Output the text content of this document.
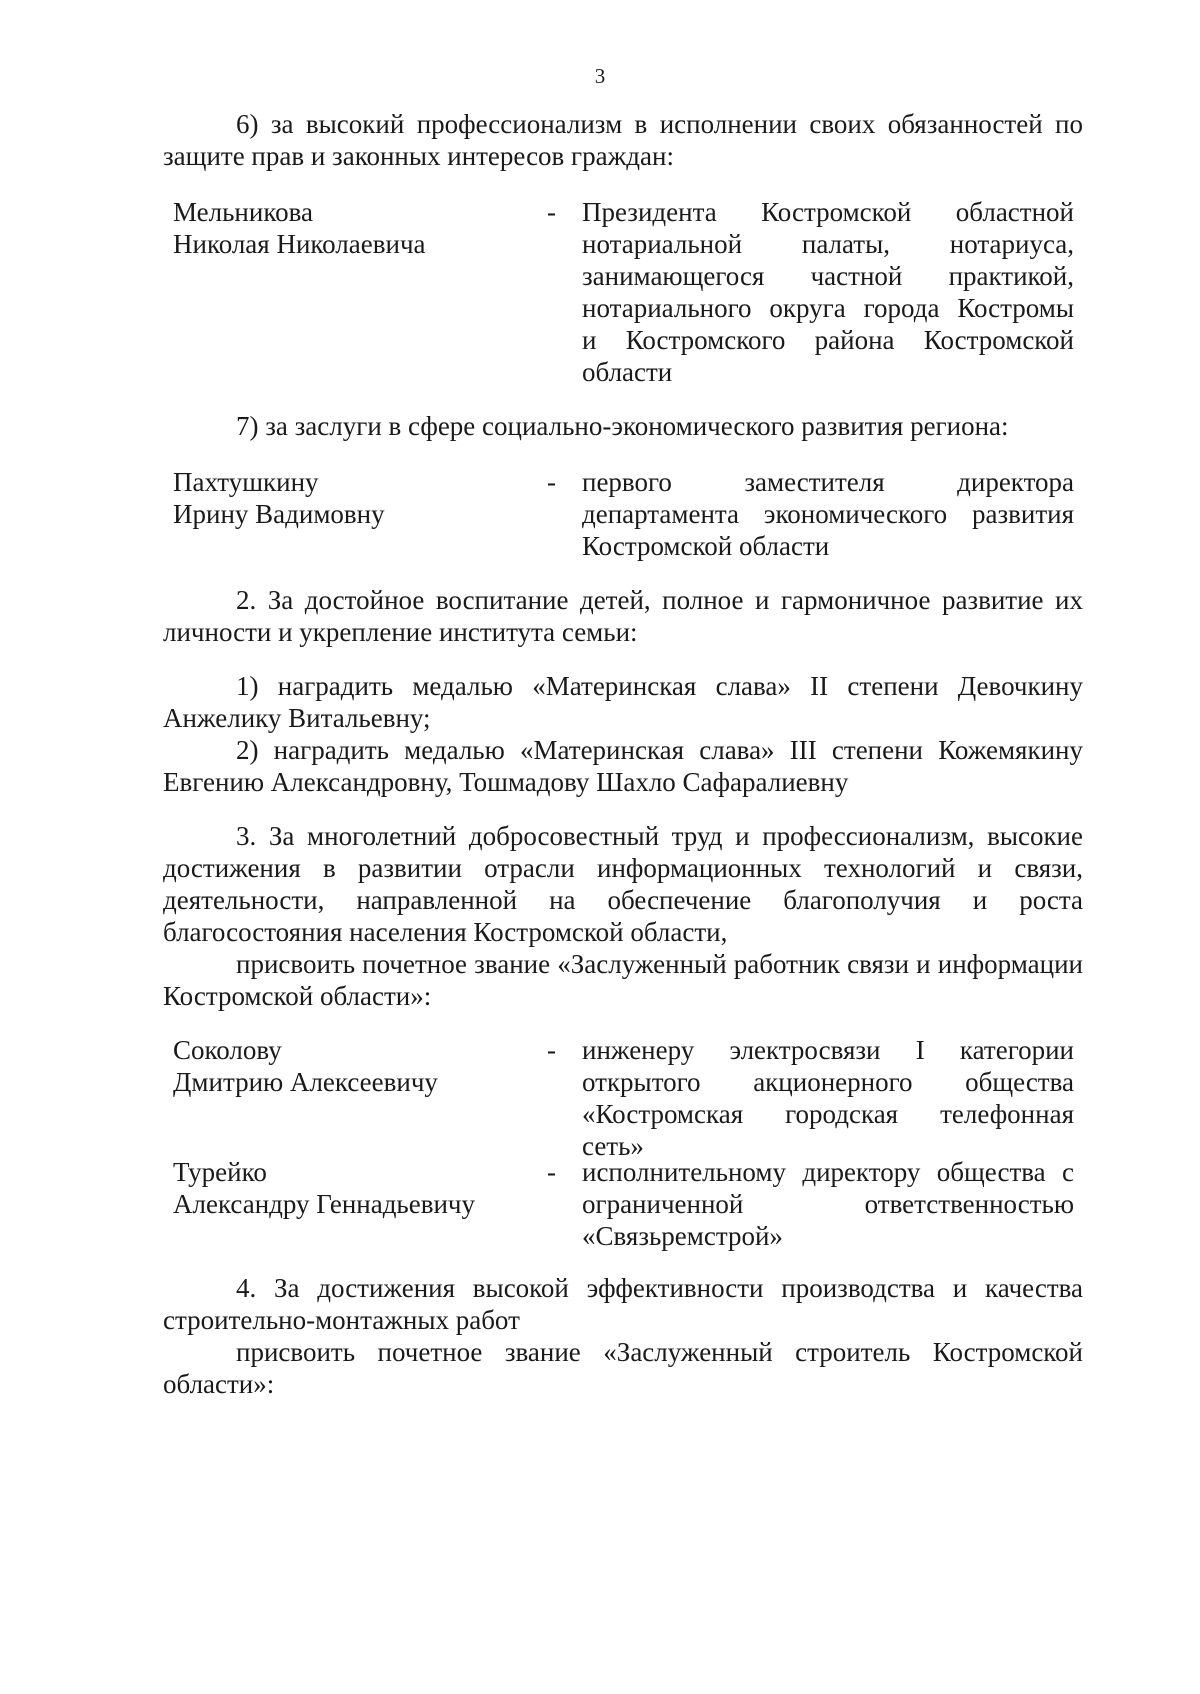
3

6) за высокий профессионализм в исполнении своих обязанностей по защите прав и законных интересов граждан:

Мельникова
Николая Николаевича
- Президента Костромской областной
нотариальной палаты, нотариуса,
занимающегося частной практикой,
нотариального округа города Костромы
и Костромского района Костромской
области

7) за заслуги в сфере социально-экономического развития региона:

Пахтушкину
Ирину Вадимовну
- первого заместителя директора
департамента экономического развития
Костромской области

2. За достойное воспитание детей, полное и гармоничное развитие их личности и укрепление института семьи:

1) наградить медалью «Материнская слава» II степени Девочкину Анжелику Витальевну;

2) наградить медалью «Материнская слава» III степени Кожемякину Евгению Александровну, Тошмадову Шахло Сафаралиевну

3. За многолетний добросовестный труд и профессионализм, высокие достижения в развитии отрасли информационных технологий и связи, деятельности, направленной на обеспечение благополучия и роста благосостояния населения Костромской области,

присвоить почетное звание «Заслуженный работник связи и информации Костромской области»:

Соколову
Дмитрию Алексеевичу
- инженеру электросвязи I категории
открытого акционерного общества
«Костромская городская телефонная
сеть»
Турейко
Александру Геннадьевичу
- исполнительному директору общества с
ограниченной ответственностью
«Связьремстрой»

4. За достижения высокой эффективности производства и качества строительно-монтажных работ

присвоить почетное звание «Заслуженный строитель Костромской области»:
